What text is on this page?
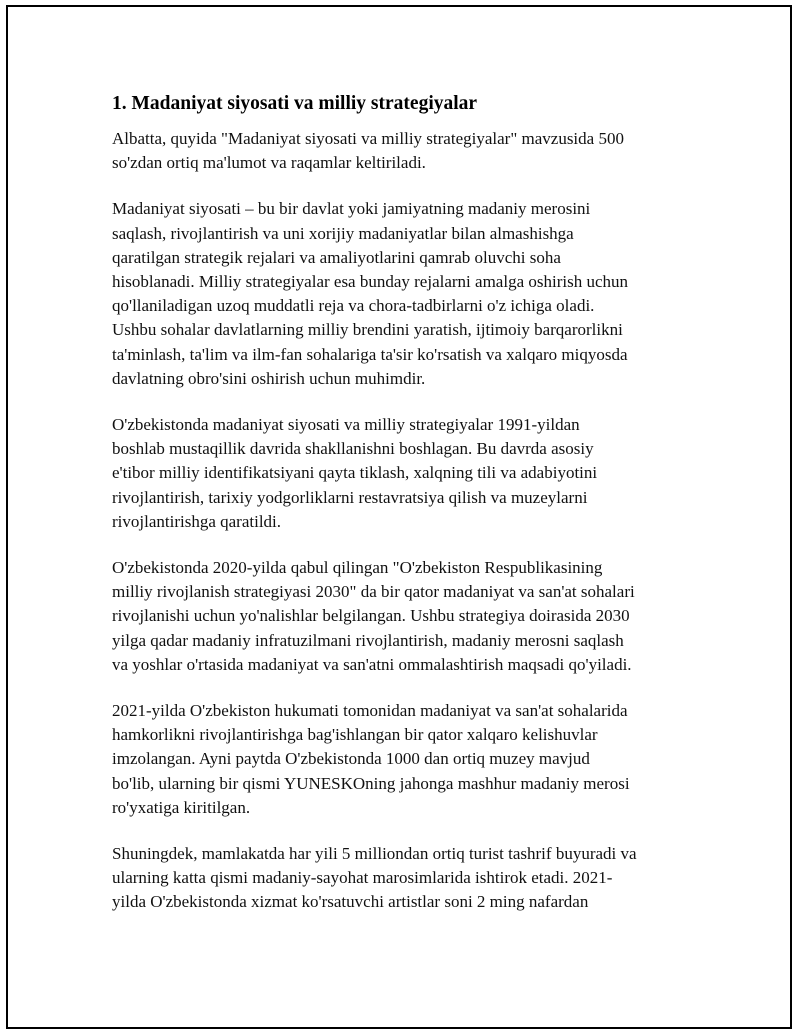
1. Madaniyat siyosati va milliy strategiyalar
Albatta, quyida "Madaniyat siyosati va milliy strategiyalar" mavzusida 500
so'zdan ortiq ma'lumot va raqamlar keltiriladi.
Madaniyat siyosati – bu bir davlat yoki jamiyatning madaniy merosini
saqlash, rivojlantirish va uni xorijiy madaniyatlar bilan almashishga
qaratilgan strategik rejalari va amaliyotlarini qamrab oluvchi soha
hisoblanadi. Milliy strategiyalar esa bunday rejalarni amalga oshirish uchun
qo'llaniladigan uzoq muddatli reja va chora-tadbirlarni o'z ichiga oladi.
Ushbu sohalar davlatlarning milliy brendini yaratish, ijtimoiy barqarorlikni
ta'minlash, ta'lim va ilm-fan sohalariga ta'sir ko'rsatish va xalqaro miqyosda
davlatning obro'sini oshirish uchun muhimdir.
O'zbekistonda madaniyat siyosati va milliy strategiyalar 1991-yildan
boshlab mustaqillik davrida shakllanishni boshlagan. Bu davrda asosiy
e'tibor milliy identifikatsiyani qayta tiklash, xalqning tili va adabiyotini
rivojlantirish, tarixiy yodgorliklarni restavratsiya qilish va muzeylarni
rivojlantirishga qaratildi.
O'zbekistonda 2020-yilda qabul qilingan "O'zbekiston Respublikasining
milliy rivojlanish strategiyasi 2030" da bir qator madaniyat va san'at sohalari
rivojlanishi uchun yo'nalishlar belgilangan. Ushbu strategiya doirasida 2030
yilga qadar madaniy infratuzilmani rivojlantirish, madaniy merosni saqlash
va yoshlar o'rtasida madaniyat va san'atni ommalashtirish maqsadi qo'yiladi.
2021-yilda O'zbekiston hukumati tomonidan madaniyat va san'at sohalarida
hamkorlikni rivojlantirishga bag'ishlangan bir qator xalqaro kelishuvlar
imzolangan. Ayni paytda O'zbekistonda 1000 dan ortiq muzey mavjud
bo'lib, ularning bir qismi YUNESKOning jahonga mashhur madaniy merosi
ro'yxatiga kiritilgan.
Shuningdek, mamlakatda har yili 5 milliondan ortiq turist tashrif buyuradi va
ularning katta qismi madaniy-sayohat marosimlarida ishtirok etadi. 2021-
yilda O'zbekistonda xizmat ko'rsatuvchi artistlar soni 2 ming nafardan
